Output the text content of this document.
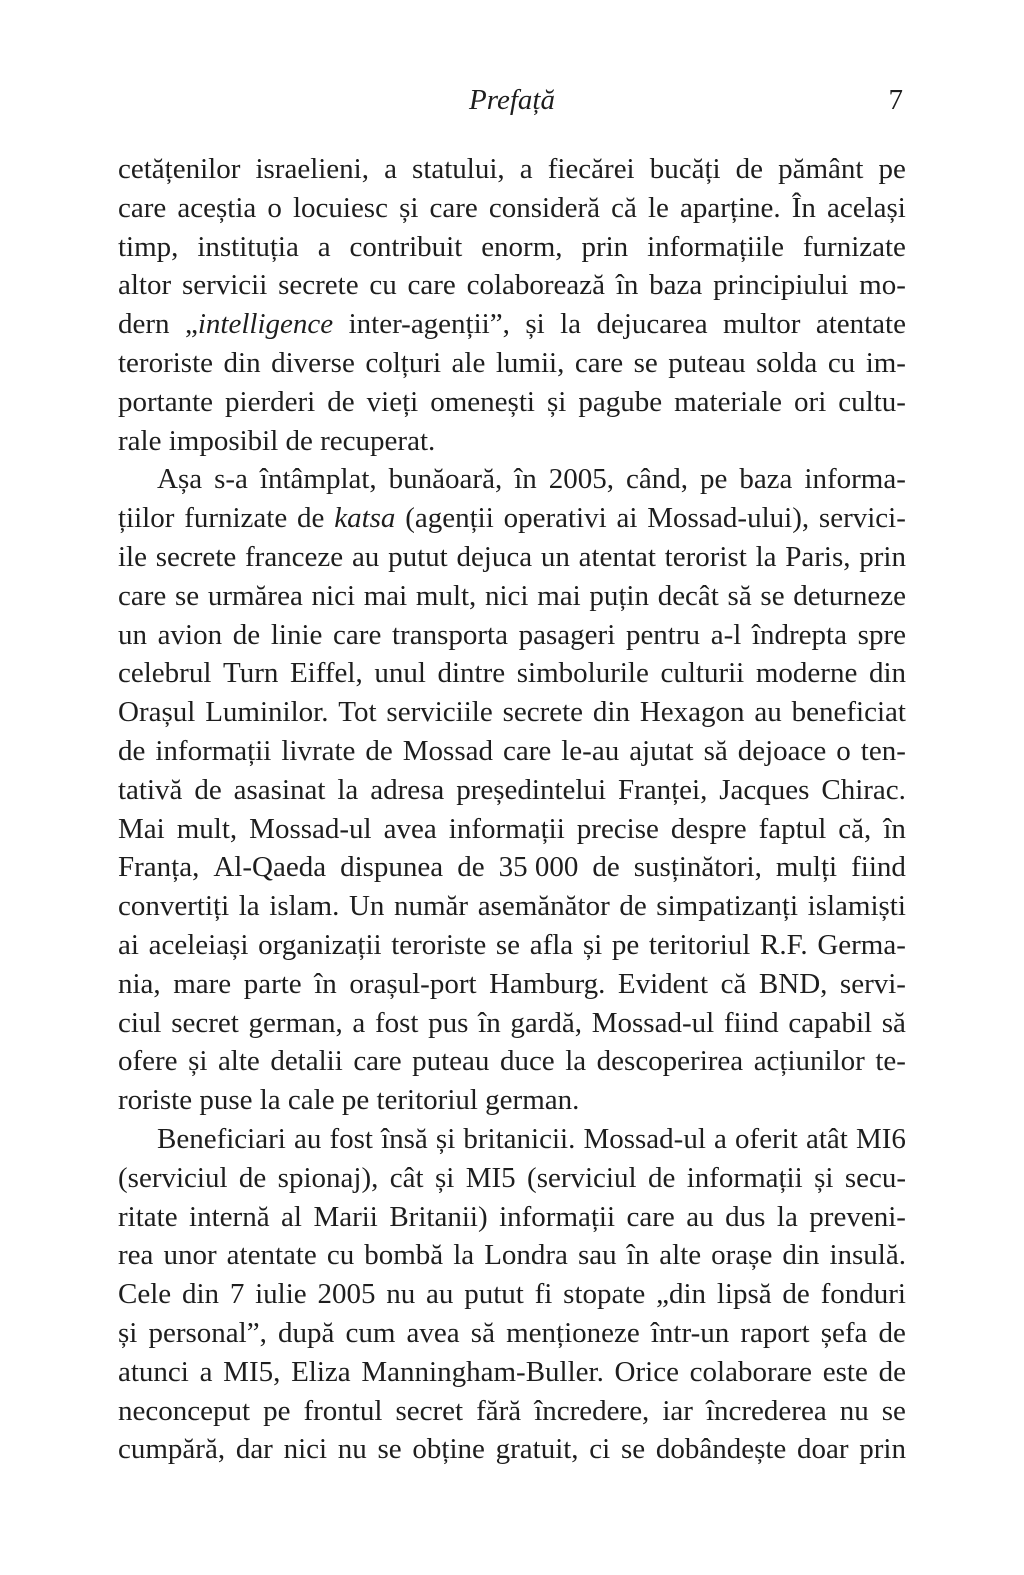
Prefață	7
cetățenilor israelieni, a statului, a fiecărei bucăți de pământ pe
care aceștia o locuiesc și care consideră că le aparține. În același
timp, instituția a contribuit enorm, prin informațiile furnizate
altor servicii secrete cu care colaborează în baza principiului mo-
dern „intelligence inter-agenții”, și la dejucarea multor atentate
teroriste din diverse colțuri ale lumii, care se puteau solda cu im-
portante pierderi de vieți omenești și pagube materiale ori cultu-
rale imposibil de recuperat.
Așa s-a întâmplat, bunăoară, în 2005, când, pe baza informa-
țiilor furnizate de katsa (agenții operativi ai Mossad-ului), servici-
ile secrete franceze au putut dejuca un atentat terorist la Paris, prin
care se urmărea nici mai mult, nici mai puțin decât să se deturneze
un avion de linie care transporta pasageri pentru a-l îndrepta spre
celebrul Turn Eiffel, unul dintre simbolurile culturii moderne din
Orașul Luminilor. Tot serviciile secrete din Hexagon au beneficiat
de informații livrate de Mossad care le-au ajutat să dejoace o ten-
tativă de asasinat la adresa președintelui Franței, Jacques Chirac.
Mai mult, Mossad-ul avea informații precise despre faptul că, în
Franța, Al-Qaeda dispunea de 35 000 de susținători, mulți fiind
convertiți la islam. Un număr asemănător de simpatizanți islamiști
ai aceleiași organizații teroriste se afla și pe teritoriul R.F. Germa-
nia, mare parte în orașul-port Hamburg. Evident că BND, servi-
ciul secret german, a fost pus în gardă, Mossad-ul fiind capabil să
ofere și alte detalii care puteau duce la descoperirea acțiunilor te-
roriste puse la cale pe teritoriul german.
Beneficiari au fost însă și britanicii. Mossad-ul a oferit atât MI6
(serviciul de spionaj), cât și MI5 (serviciul de informații și secu-
ritate internă al Marii Britanii) informații care au dus la preveni-
rea unor atentate cu bombă la Londra sau în alte orașe din insulă.
Cele din 7 iulie 2005 nu au putut fi stopate „din lipsă de fonduri
și personal”, după cum avea să menționeze într-un raport șefa de
atunci a MI5, Eliza Manningham-Buller. Orice colaborare este de
neconceput pe frontul secret fără încredere, iar încrederea nu se
cumpără, dar nici nu se obține gratuit, ci se dobândește doar prin
